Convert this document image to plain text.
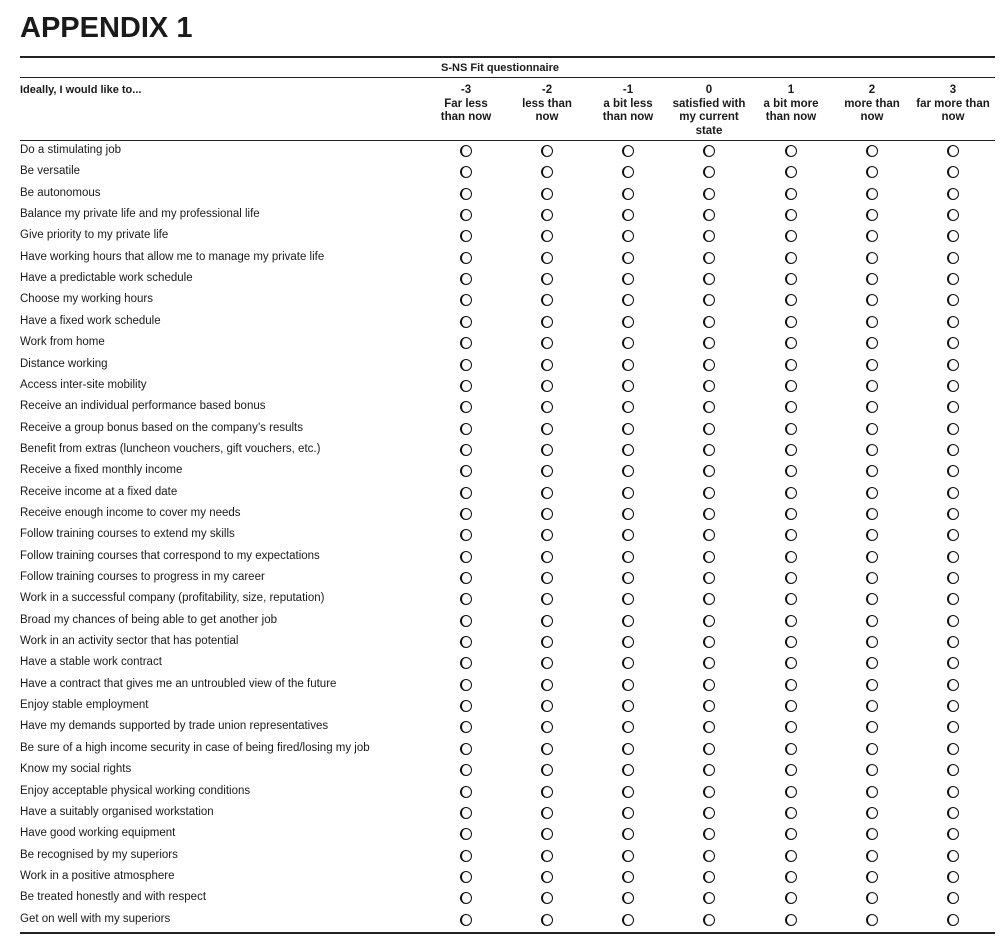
APPENDIX 1
S-NS Fit questionnaire
Ideally, I would like to...	-3
Far less
than now
-2
less than
now
-1
a bit less
than now
0
satisfied with
my current
state
1
a bit more
than now
2
more than
now
3
far more than
now
Do a stimulating job
Be versatile
Be autonomous
Balance my private life and my professional life
Give priority to my private life
Have working hours that allow me to manage my private life
Have a predictable work schedule
Choose my working hours
Have a fixed work schedule
Work from home
Distance working
Access inter-site mobility
Receive an individual performance based bonus
Receive a group bonus based on the company’s results
Benefit from extras (luncheon vouchers, gift vouchers, etc.)
Receive a fixed monthly income
Receive income at a fixed date
Receive enough income to cover my needs
Follow training courses to extend my skills
Follow training courses that correspond to my expectations
Follow training courses to progress in my career
Work in a successful company (profitability, size, reputation)
Broad my chances of being able to get another job
Work in an activity sector that has potential
Have a stable work contract
Have a contract that gives me an untroubled view of the future
Enjoy stable employment
Have my demands supported by trade union representatives
Be sure of a high income security in case of being fired/losing my job
Know my social rights
Enjoy acceptable physical working conditions
Have a suitably organised workstation
Have good working equipment
Be recognised by my superiors
Work in a positive atmosphere
Be treated honestly and with respect
Get on well with my superiors
